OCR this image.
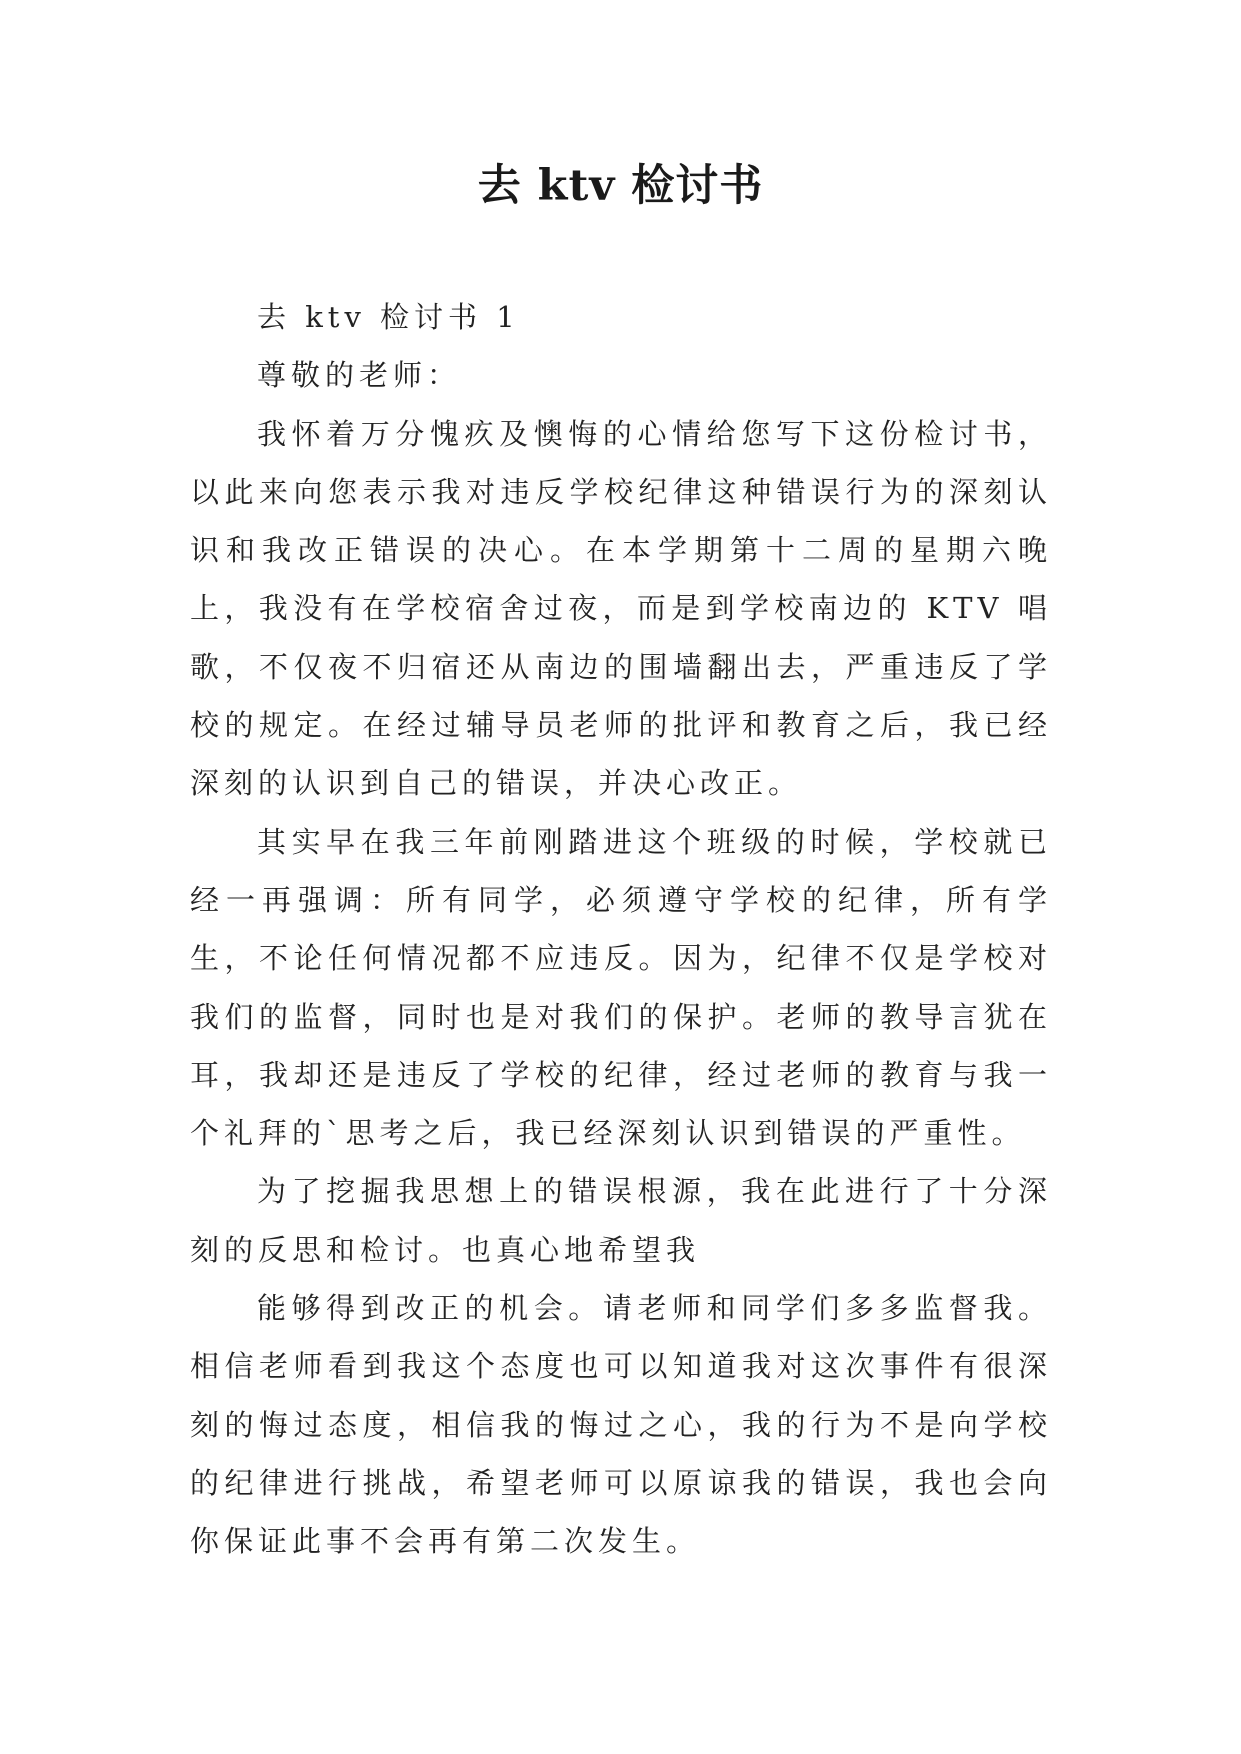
去 ktv 检讨书

去 ktv 检讨书 1

尊敬的老师：

我怀着万分愧疚及懊悔的心情给您写下这份检讨书，以此来向您表示我对违反学校纪律这种错误行为的深刻认识和我改正错误的决心。在本学期第十二周的星期六晚上，我没有在学校宿舍过夜，而是到学校南边的 KTV 唱歌，不仅夜不归宿还从南边的围墙翻出去，严重违反了学校的规定。在经过辅导员老师的批评和教育之后，我已经深刻的认识到自己的错误，并决心改正。

其实早在我三年前刚踏进这个班级的时候，学校就已经一再强调：所有同学，必须遵守学校的纪律，所有学生，不论任何情况都不应违反。因为，纪律不仅是学校对我们的监督，同时也是对我们的保护。老师的教导言犹在耳，我却还是违反了学校的纪律，经过老师的教育与我一个礼拜的`思考之后，我已经深刻认识到错误的严重性。

为了挖掘我思想上的错误根源，我在此进行了十分深刻的反思和检讨。也真心地希望我

能够得到改正的机会。请老师和同学们多多监督我。相信老师看到我这个态度也可以知道我对这次事件有很深刻的悔过态度，相信我的悔过之心，我的行为不是向学校的纪律进行挑战，希望老师可以原谅我的错误，我也会向你保证此事不会再有第二次发生。
